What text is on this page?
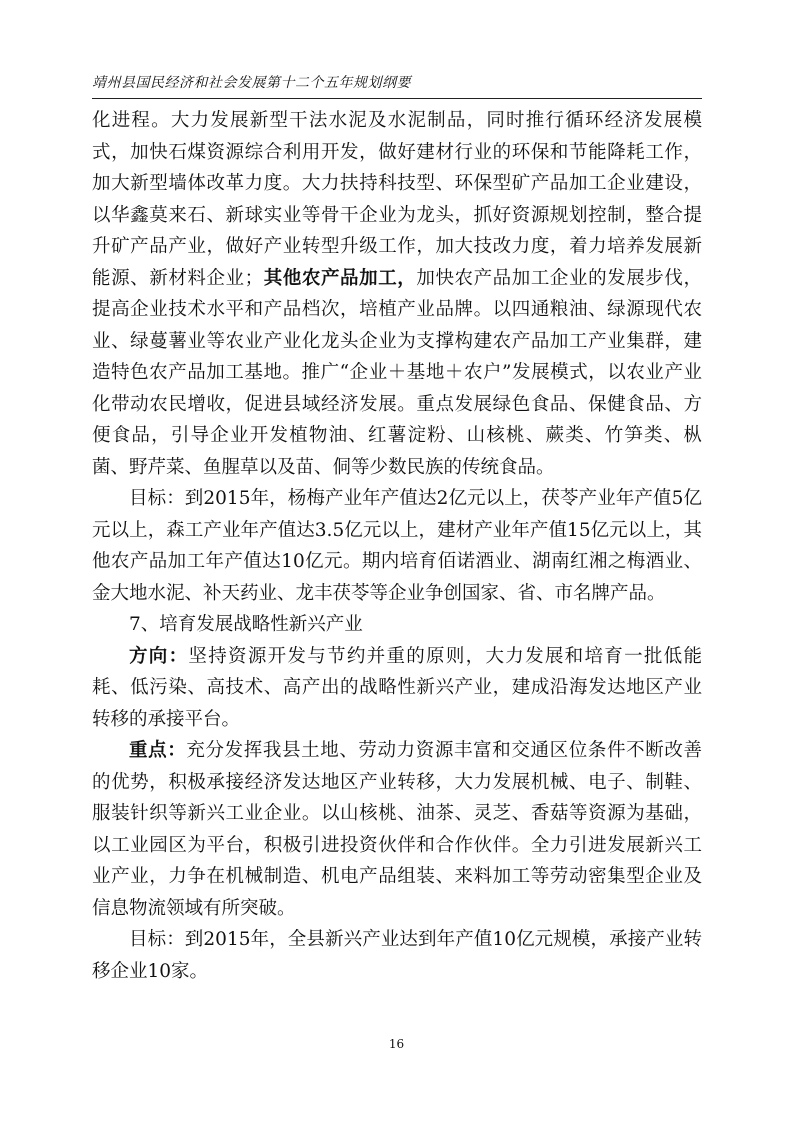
靖州县国民经济和社会发展第十二个五年规划纲要

化进程。大力发展新型干法水泥及水泥制品，同时推行循环经济发展模式，加快石煤资源综合利用开发，做好建材行业的环保和节能降耗工作，加大新型墙体改革力度。大力扶持科技型、环保型矿产品加工企业建设，以华鑫莫来石、新球实业等骨干企业为龙头，抓好资源规划控制，整合提升矿产品产业，做好产业转型升级工作，加大技改力度，着力培养发展新能源、新材料企业；其他农产品加工，加快农产品加工企业的发展步伐，提高企业技术水平和产品档次，培植产业品牌。以四通粮油、绿源现代农业、绿蔓薯业等农业产业化龙头企业为支撑构建农产品加工产业集群，建造特色农产品加工基地。推广“企业＋基地＋农户”发展模式，以农业产业化带动农民增收，促进县域经济发展。重点发展绿色食品、保健食品、方便食品，引导企业开发植物油、红薯淀粉、山核桃、蕨类、竹笋类、枞菌、野芹菜、鱼腥草以及苗、侗等少数民族的传统食品。

目标：到2015年，杨梅产业年产值达2亿元以上，茯苓产业年产值5亿元以上，森工产业年产值达3.5亿元以上，建材产业年产值15亿元以上，其他农产品加工年产值达10亿元。期内培育佰诺酒业、湖南红湘之梅酒业、金大地水泥、补天药业、龙丰茯苓等企业争创国家、省、市名牌产品。

7、培育发展战略性新兴产业

方向：坚持资源开发与节约并重的原则，大力发展和培育一批低能耗、低污染、高技术、高产出的战略性新兴产业，建成沿海发达地区产业转移的承接平台。

重点：充分发挥我县土地、劳动力资源丰富和交通区位条件不断改善的优势，积极承接经济发达地区产业转移，大力发展机械、电子、制鞋、服装针织等新兴工业企业。以山核桃、油茶、灵芝、香菇等资源为基础，以工业园区为平台，积极引进投资伙伴和合作伙伴。全力引进发展新兴工业产业，力争在机械制造、机电产品组装、来料加工等劳动密集型企业及信息物流领域有所突破。

目标：到2015年，全县新兴产业达到年产值10亿元规模，承接产业转移企业10家。

16
